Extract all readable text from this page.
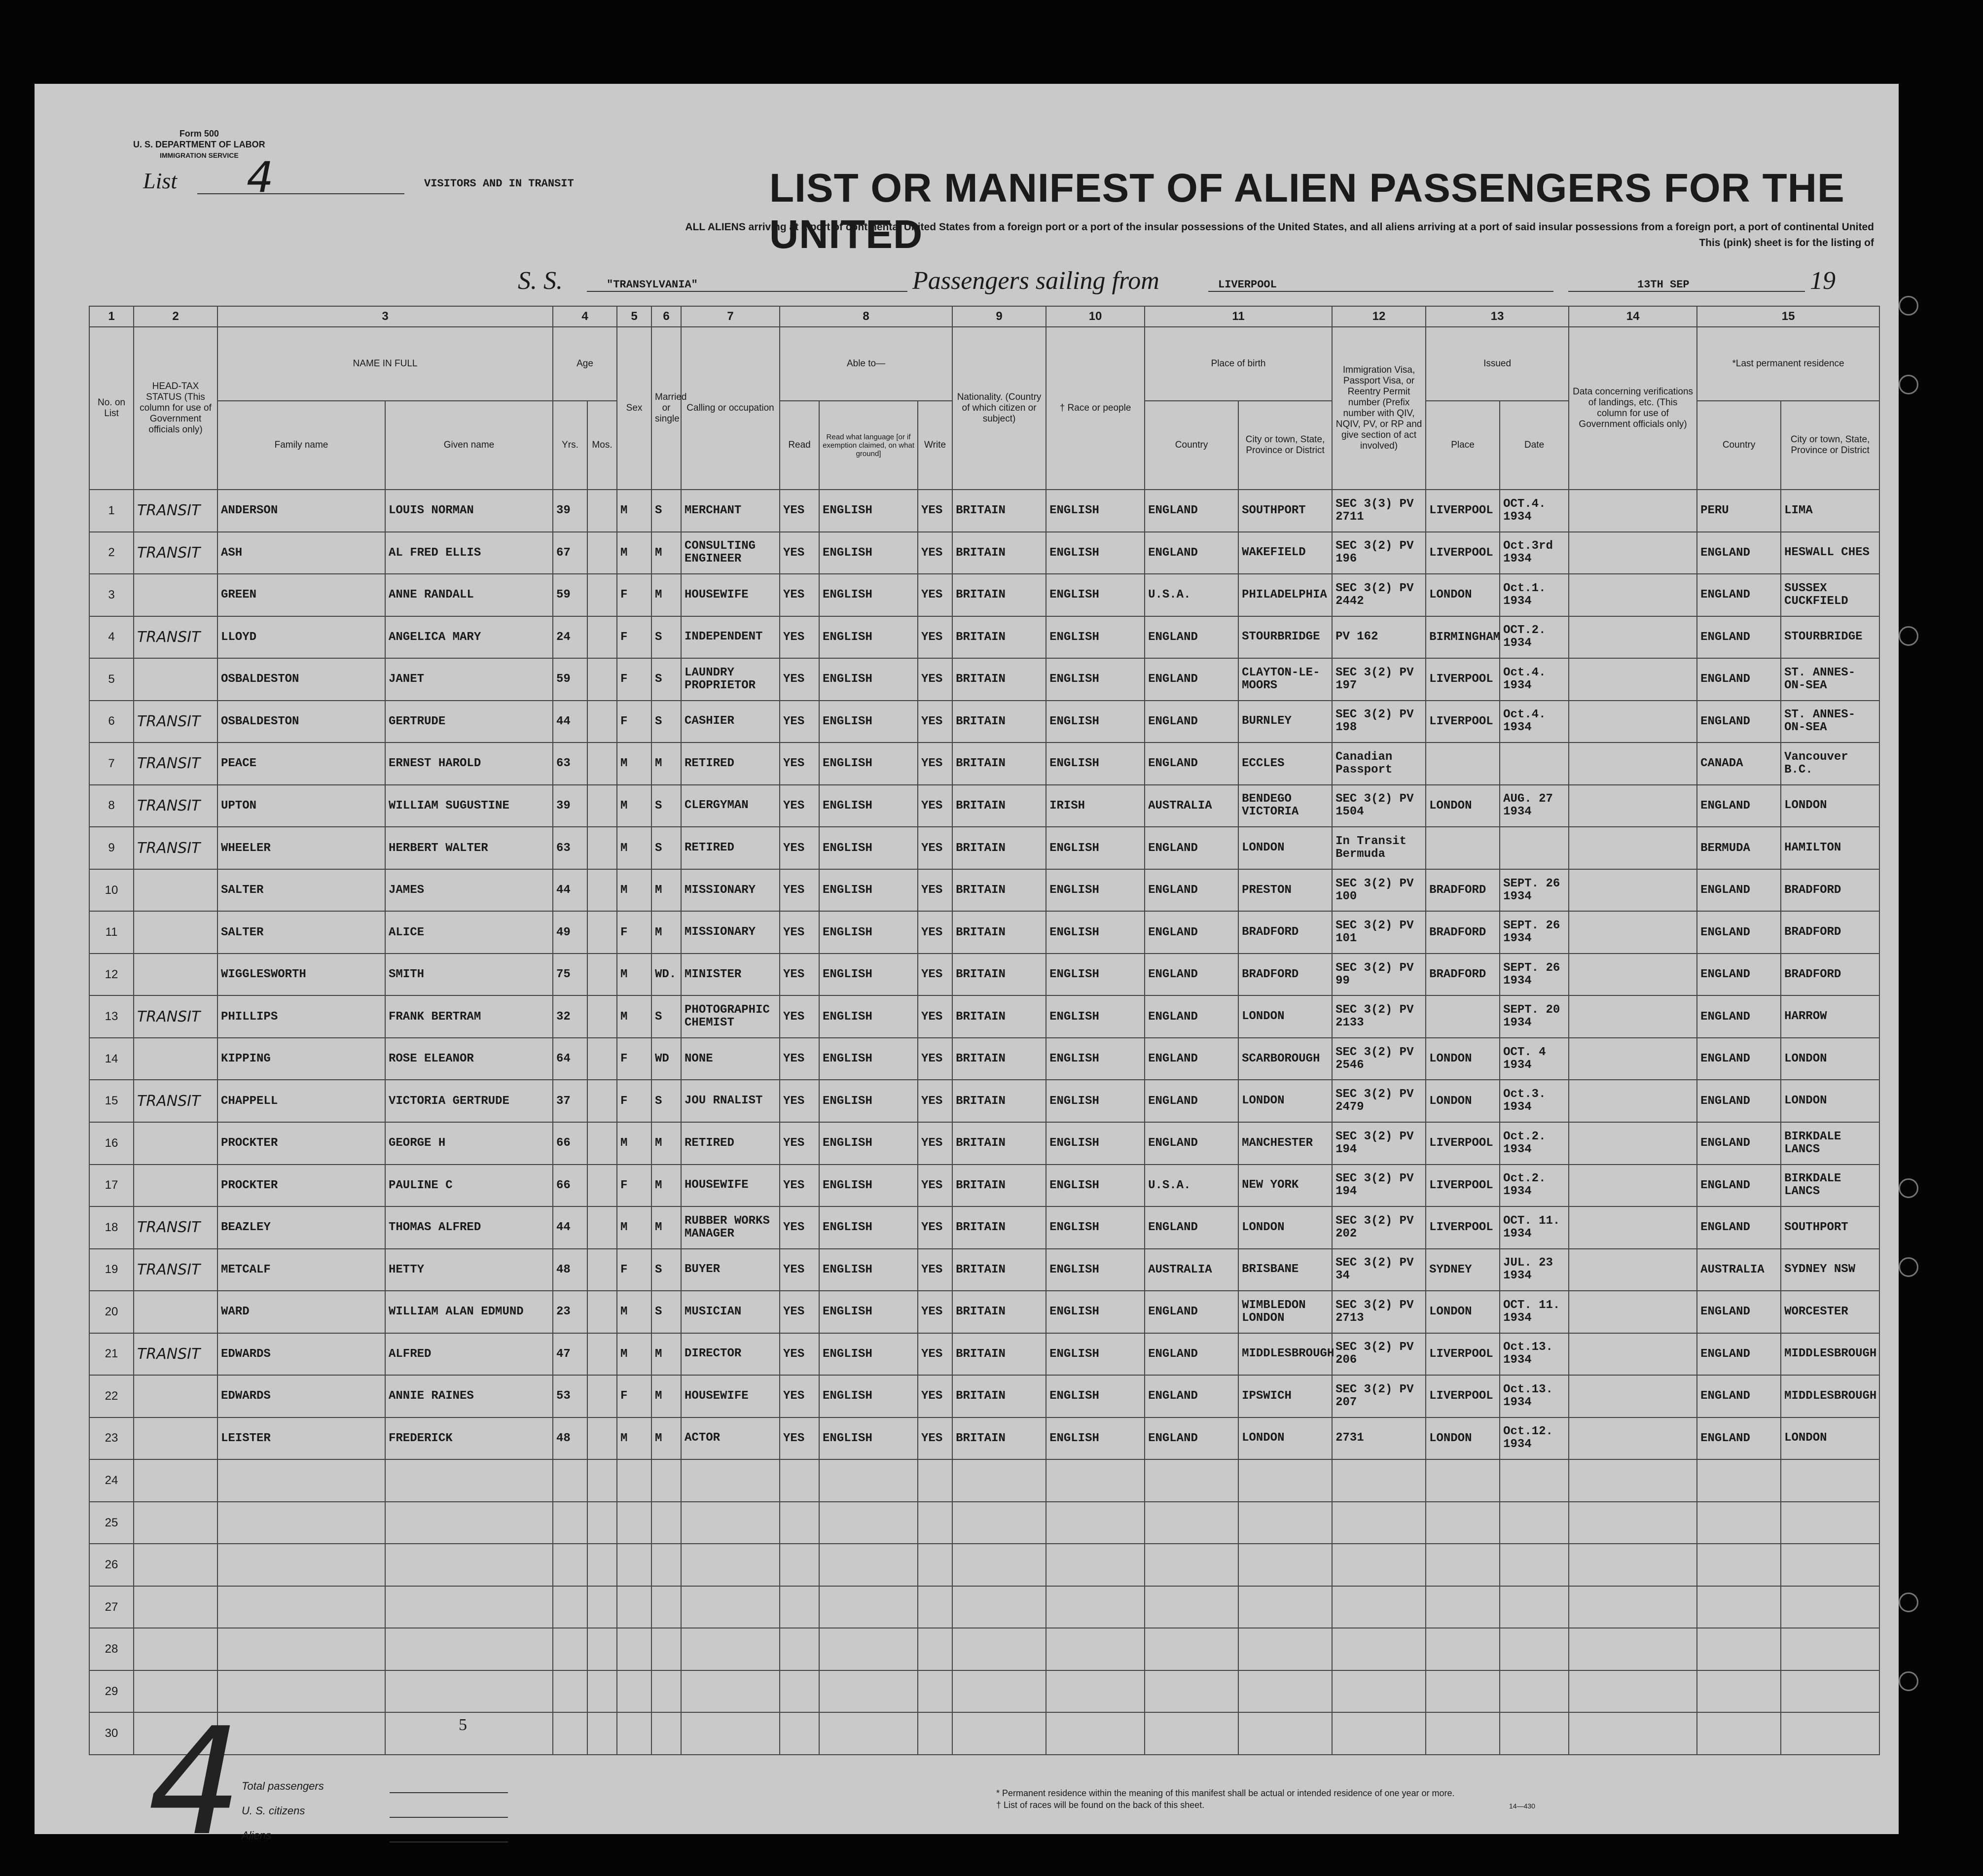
Form 500
U. S. DEPARTMENT OF LABOR
IMMIGRATION SERVICE
List 4	VISITORS AND IN TRANSIT	LIST OR MANIFEST OF ALIEN PASSENGERS FOR THE UNITED
ALL ALIENS arriving at a port of continental United States from a foreign port or a port of the insular possessions of the United States, and all aliens arriving at a port of said insular possessions from a foreign port, a port of continental United
This (pink) sheet is for the listing of
S. S.	"TRANSYLVANIA"	Passengers sailing from	LIVERPOOL	13TH SEP	19
1	2	3		4		5	6	7	8			9	10	11		12	13		14	15	
No. on List	HEAD-TAX STATUS (This column for use of Government officials only)	NAME IN FULL		Age		Sex	Married or single	Calling or occupation	Able to—			Nationality. (Country of which citizen or subject)	† Race or people	Place of birth		Immigration Visa, Passport Visa, or Reentry Permit number (Prefix number with QIV, NQIV, PV, or RP and give section of act involved)	Issued		Data concerning verifications of landings, etc. (This column for use of Government officials only)	*Last permanent residence	
		Family name	Given name	Yrs.	Mos.				Read	Read what language [or if exemption claimed, on what ground]	Write			Country	City or town, State, Province or District		Place	Date		Country	City or town, State, Province or District
1	TRANSIT	ANDERSON	LOUIS NORMAN	39		M	S	MERCHANT	YES	ENGLISH	YES	BRITAIN	ENGLISH	ENGLAND	SOUTHPORT	SEC 3(3) PV 2711	LIVERPOOL	OCT.4. 1934		PERU	LIMA
2	TRANSIT	ASH	AL FRED ELLIS	67		M	M	CONSULTING ENGINEER	YES	ENGLISH	YES	BRITAIN	ENGLISH	ENGLAND	WAKEFIELD	SEC 3(2) PV 196	LIVERPOOL	Oct.3rd 1934		ENGLAND	HESWALL CHES
3		GREEN	ANNE RANDALL	59		F	M	HOUSEWIFE	YES	ENGLISH	YES	BRITAIN	ENGLISH	U.S.A.	PHILADELPHIA	SEC 3(2) PV 2442	LONDON	Oct.1. 1934		ENGLAND	SUSSEX CUCKFIELD
4	TRANSIT	LLOYD	ANGELICA MARY	24		F	S	INDEPENDENT	YES	ENGLISH	YES	BRITAIN	ENGLISH	ENGLAND	STOURBRIDGE	PV 162	BIRMINGHAM	OCT.2. 1934		ENGLAND	STOURBRIDGE
5		OSBALDESTON	JANET	59		F	S	LAUNDRY PROPRIETOR	YES	ENGLISH	YES	BRITAIN	ENGLISH	ENGLAND	CLAYTON-LE-MOORS	SEC 3(2) PV 197	LIVERPOOL	Oct.4. 1934		ENGLAND	ST. ANNES-ON-SEA
6	TRANSIT	OSBALDESTON	GERTRUDE	44		F	S	CASHIER	YES	ENGLISH	YES	BRITAIN	ENGLISH	ENGLAND	BURNLEY	SEC 3(2) PV 198	LIVERPOOL	Oct.4. 1934		ENGLAND	ST. ANNES-ON-SEA
7	TRANSIT	PEACE	ERNEST HAROLD	63		M	M	RETIRED	YES	ENGLISH	YES	BRITAIN	ENGLISH	ENGLAND	ECCLES	Canadian Passport				CANADA	Vancouver B.C.
8	TRANSIT	UPTON	WILLIAM SUGUSTINE	39		M	S	CLERGYMAN	YES	ENGLISH	YES	BRITAIN	IRISH	AUSTRALIA	BENDEGO VICTORIA	SEC 3(2) PV 1504	LONDON	AUG. 27 1934		ENGLAND	LONDON
9	TRANSIT	WHEELER	HERBERT WALTER	63		M	S	RETIRED	YES	ENGLISH	YES	BRITAIN	ENGLISH	ENGLAND	LONDON	In Transit Bermuda				BERMUDA	HAMILTON
10		SALTER	JAMES	44		M	M	MISSIONARY	YES	ENGLISH	YES	BRITAIN	ENGLISH	ENGLAND	PRESTON	SEC 3(2) PV 100	BRADFORD	SEPT. 26 1934		ENGLAND	BRADFORD
11		SALTER	ALICE	49		F	M	MISSIONARY	YES	ENGLISH	YES	BRITAIN	ENGLISH	ENGLAND	BRADFORD	SEC 3(2) PV 101	BRADFORD	SEPT. 26 1934		ENGLAND	BRADFORD
12		WIGGLESWORTH	SMITH	75		M	WD.	MINISTER	YES	ENGLISH	YES	BRITAIN	ENGLISH	ENGLAND	BRADFORD	SEC 3(2) PV 99	BRADFORD	SEPT. 26 1934		ENGLAND	BRADFORD
13	TRANSIT	PHILLIPS	FRANK BERTRAM	32		M	S	PHOTOGRAPHIC CHEMIST	YES	ENGLISH	YES	BRITAIN	ENGLISH	ENGLAND	LONDON	SEC 3(2) PV 2133		SEPT. 20 1934		ENGLAND	HARROW
14		KIPPING	ROSE ELEANOR	64		F	WD	NONE	YES	ENGLISH	YES	BRITAIN	ENGLISH	ENGLAND	SCARBOROUGH	SEC 3(2) PV 2546	LONDON	OCT. 4 1934		ENGLAND	LONDON
15	TRANSIT	CHAPPELL	VICTORIA GERTRUDE	37		F	S	JOU RNALIST	YES	ENGLISH	YES	BRITAIN	ENGLISH	ENGLAND	LONDON	SEC 3(2) PV 2479	LONDON	Oct.3. 1934		ENGLAND	LONDON
16		PROCKTER	GEORGE H	66		M	M	RETIRED	YES	ENGLISH	YES	BRITAIN	ENGLISH	ENGLAND	MANCHESTER	SEC 3(2) PV 194	LIVERPOOL	Oct.2. 1934		ENGLAND	BIRKDALE LANCS
17		PROCKTER	PAULINE C	66		F	M	HOUSEWIFE	YES	ENGLISH	YES	BRITAIN	ENGLISH	U.S.A.	NEW YORK	SEC 3(2) PV 194	LIVERPOOL	Oct.2. 1934		ENGLAND	BIRKDALE LANCS
18	TRANSIT	BEAZLEY	THOMAS ALFRED	44		M	M	RUBBER WORKS MANAGER	YES	ENGLISH	YES	BRITAIN	ENGLISH	ENGLAND	LONDON	SEC 3(2) PV 202	LIVERPOOL	OCT. 11. 1934		ENGLAND	SOUTHPORT
19	TRANSIT	METCALF	HETTY	48		F	S	BUYER	YES	ENGLISH	YES	BRITAIN	ENGLISH	AUSTRALIA	BRISBANE	SEC 3(2) PV 34	SYDNEY	JUL. 23 1934		AUSTRALIA	SYDNEY NSW
20		WARD	WILLIAM ALAN EDMUND	23		M	S	MUSICIAN	YES	ENGLISH	YES	BRITAIN	ENGLISH	ENGLAND	WIMBLEDON LONDON	SEC 3(2) PV 2713	LONDON	OCT. 11. 1934		ENGLAND	WORCESTER
21	TRANSIT	EDWARDS	ALFRED	47		M	M	DIRECTOR	YES	ENGLISH	YES	BRITAIN	ENGLISH	ENGLAND	MIDDLESBROUGH	SEC 3(2) PV 206	LIVERPOOL	Oct.13. 1934		ENGLAND	MIDDLESBROUGH
22		EDWARDS	ANNIE RAINES	53		F	M	HOUSEWIFE	YES	ENGLISH	YES	BRITAIN	ENGLISH	ENGLAND	IPSWICH	SEC 3(2) PV 207	LIVERPOOL	Oct.13. 1934		ENGLAND	MIDDLESBROUGH
23		LEISTER	FREDERICK	48		M	M	ACTOR	YES	ENGLISH	YES	BRITAIN	ENGLISH	ENGLAND	LONDON	2731	LONDON	Oct.12. 1934		ENGLAND	LONDON
24																					
25																					
26																					
27																					
28																					
29																					
30																						5
4 Total passengers
U. S. citizens
Aliens
* Permanent residence within the meaning of this manifest shall be actual or intended residence of one year or more.
† List of races will be found on the back of this sheet.	14—430
